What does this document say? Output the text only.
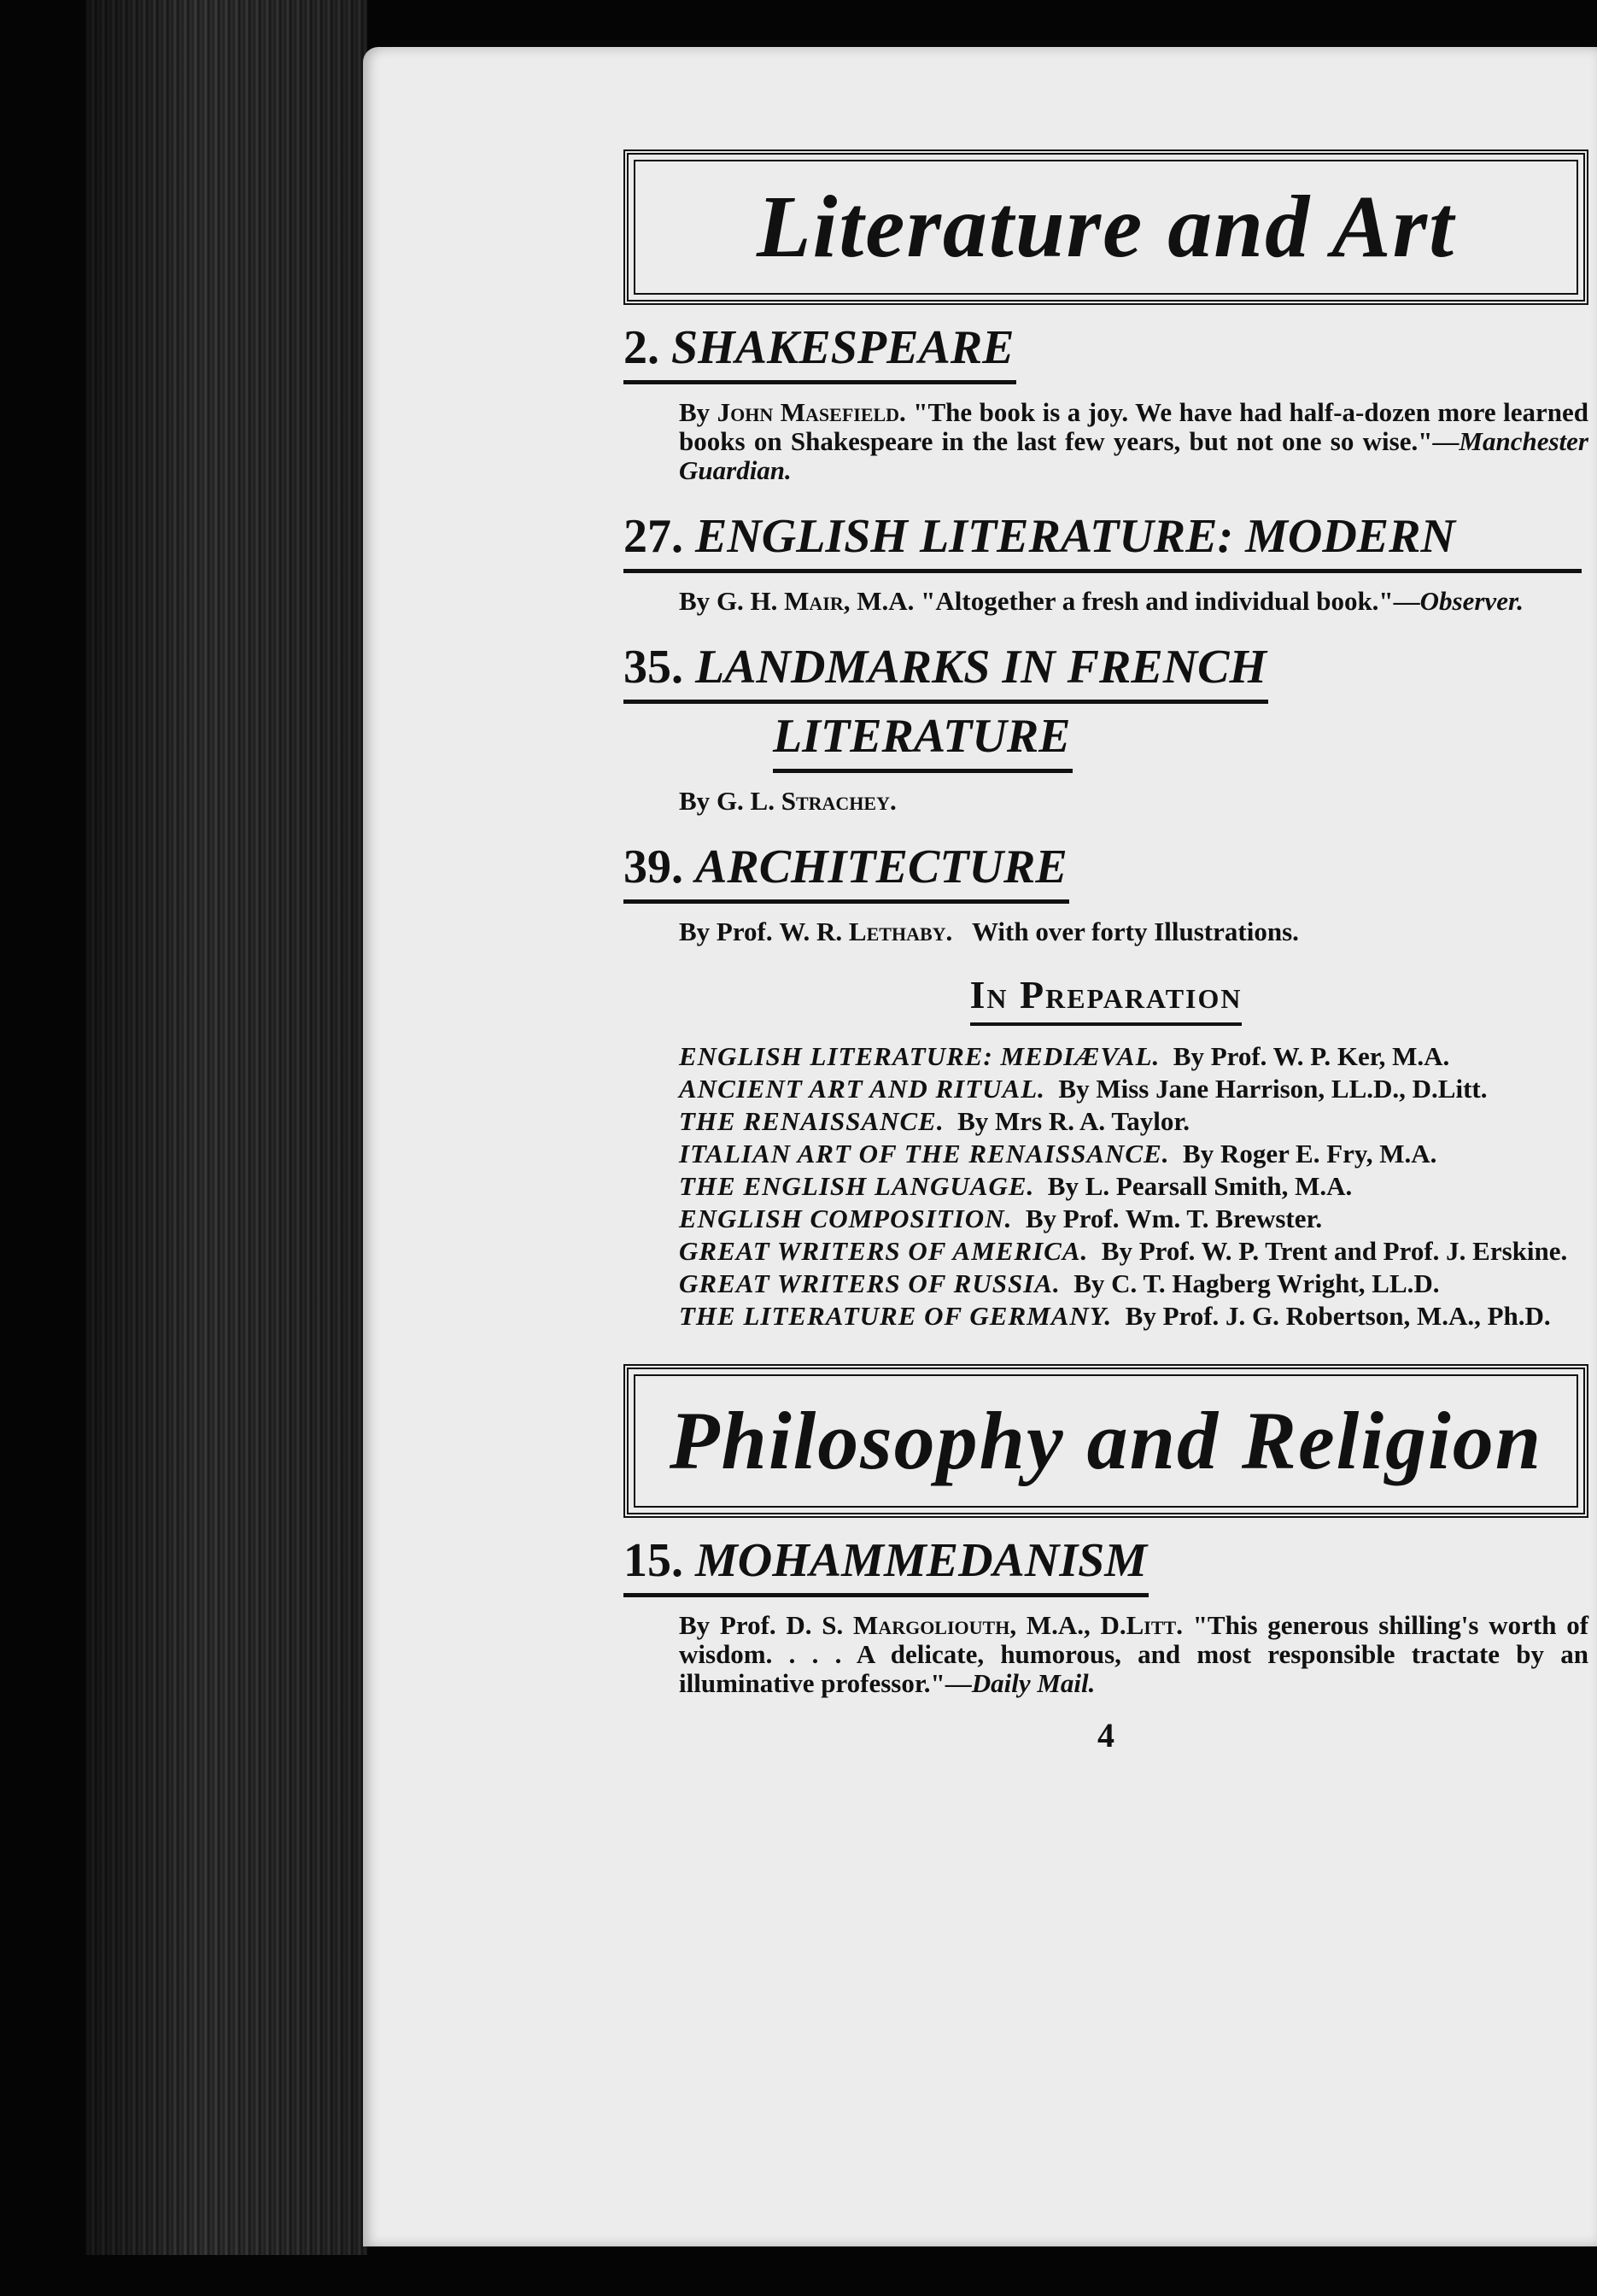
Literature and Art
2. SHAKESPEARE
By John Masefield. "The book is a joy. We have had half-a-dozen more learned books on Shakespeare in the last few years, but not one so wise."—Manchester Guardian.
27. ENGLISH LITERATURE: MODERN
By G. H. Mair, M.A. "Altogether a fresh and individual book."—Observer.
35. LANDMARKS IN FRENCH
LITERATURE
By G. L. Strachey.
39. ARCHITECTURE
By Prof. W. R. Lethaby. With over forty Illustrations.
In Preparation
ENGLISH LITERATURE: MEDIÆVAL. By Prof. W. P. Ker, M.A.
ANCIENT ART AND RITUAL. By Miss Jane Harrison, LL.D., D.Litt.
THE RENAISSANCE. By Mrs R. A. Taylor.
ITALIAN ART OF THE RENAISSANCE. By Roger E. Fry, M.A.
THE ENGLISH LANGUAGE. By L. Pearsall Smith, M.A.
ENGLISH COMPOSITION. By Prof. Wm. T. Brewster.
GREAT WRITERS OF AMERICA. By Prof. W. P. Trent and Prof. J. Erskine.
GREAT WRITERS OF RUSSIA. By C. T. Hagberg Wright, LL.D.
THE LITERATURE OF GERMANY. By Prof. J. G. Robertson, M.A., Ph.D.
Philosophy and Religion
15. MOHAMMEDANISM
By Prof. D. S. Margoliouth, M.A., D.Litt. "This generous shilling's worth of wisdom. . . . A delicate, humorous, and most responsible tractate by an illuminative professor."—Daily Mail.
4
